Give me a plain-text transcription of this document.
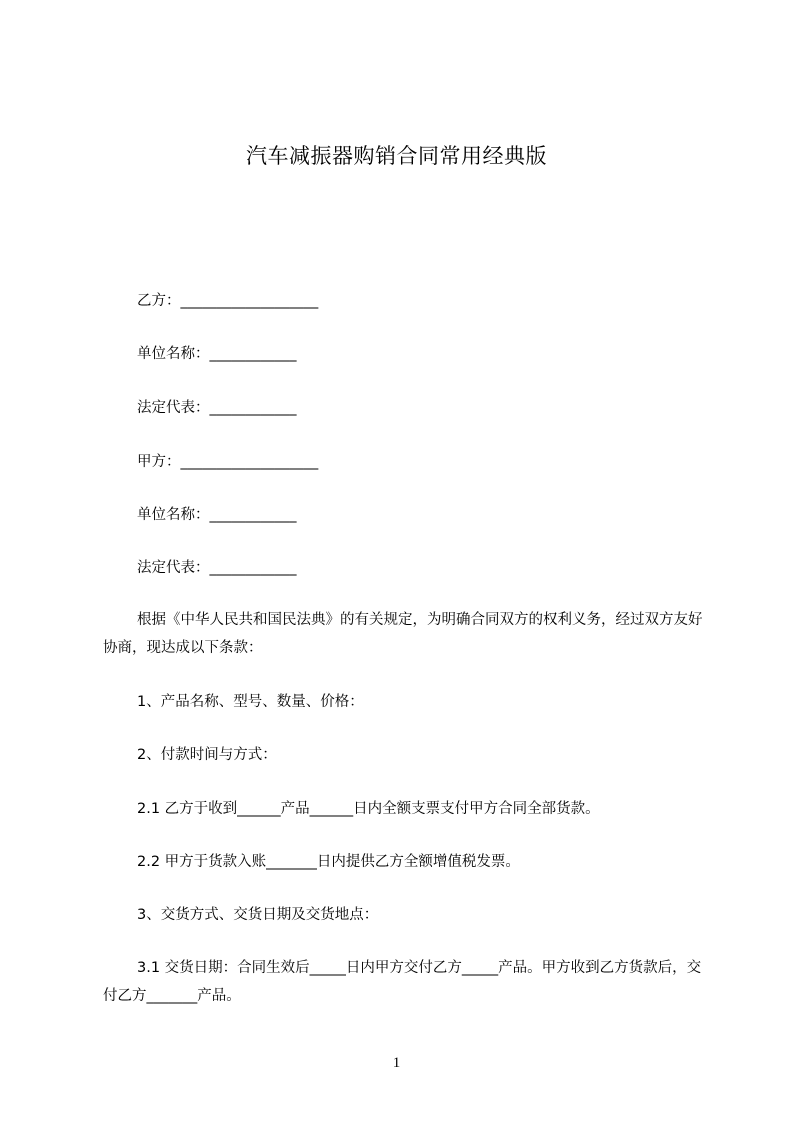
汽车减振器购销合同常用经典版
乙方：___________________
单位名称：____________
法定代表：____________
甲方：___________________
单位名称：____________
法定代表：____________
根据《中华人民共和国民法典》的有关规定，为明确合同双方的权利义务，经过双方友好协商，现达成以下条款：
1、产品名称、型号、数量、价格：
2、付款时间与方式：
2.1 乙方于收到______产品______日内全额支票支付甲方合同全部货款。
2.2 甲方于货款入账_______日内提供乙方全额增值税发票。
3、交货方式、交货日期及交货地点：
3.1 交货日期：合同生效后_____日内甲方交付乙方_____产品。甲方收到乙方货款后，交付乙方_______产品。
1
